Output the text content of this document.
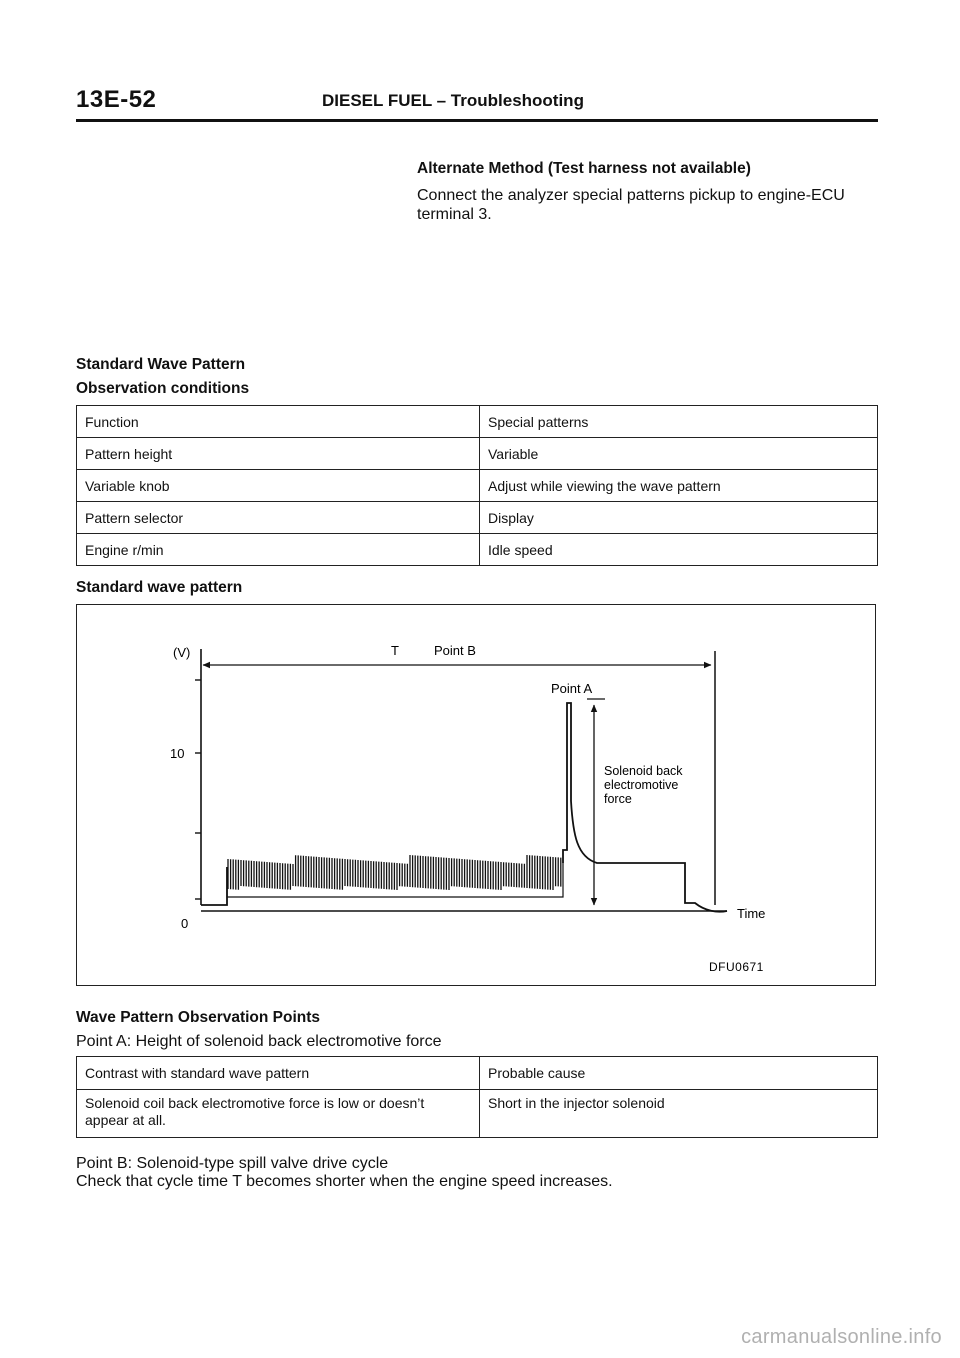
13E-52	DIESEL FUEL – Troubleshooting
Alternate Method (Test harness not available)
Connect the analyzer special patterns pickup to engine-ECU
terminal 3.
Standard Wave Pattern
Observation conditions
Function	Special patterns
Pattern height	Variable
Variable knob	Adjust while viewing the wave pattern
Pattern selector	Display
Engine r/min	Idle speed
Standard wave pattern
(V)
10
0
T	Point B
Point A
Solenoid back
electromotive
force
Time
DFU0671
Wave Pattern Observation Points
Point A: Height of solenoid back electromotive force
Contrast with standard wave pattern	Probable cause

Solenoid coil back electromotive force is low or doesn’t
appear at all.	Short in the injector solenoid
Point B: Solenoid-type spill valve drive cycle
Check that cycle time T becomes shorter when the engine speed increases.
carmanualsonline.info
